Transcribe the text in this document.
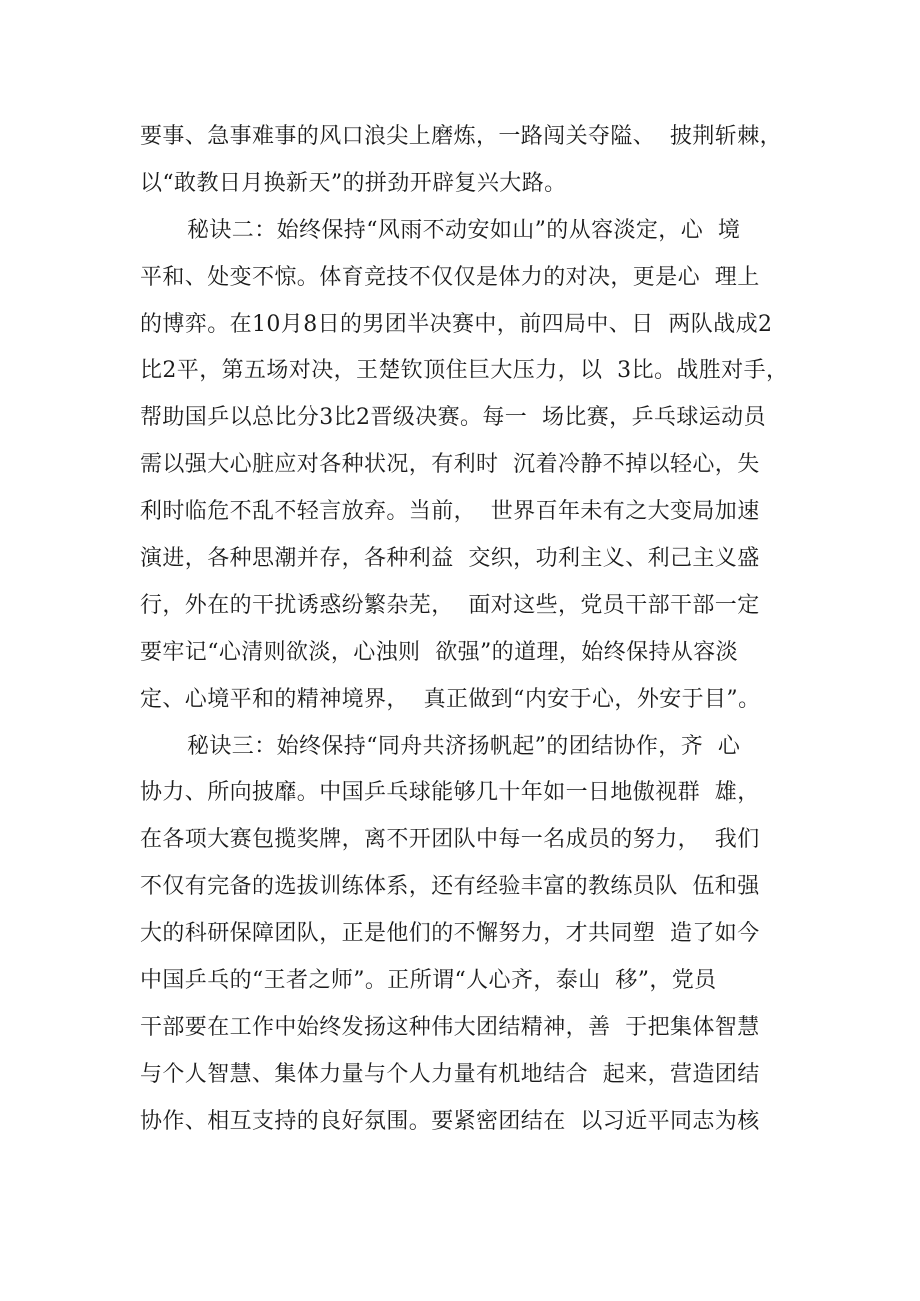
要事、急事难事的风口浪尖上磨炼，一路闯关夺隘、  披荆斩棘，
以“敢教日月换新天”的拼劲开辟复兴大路。
秘诀二：始终保持“风雨不动安如山”的从容淡定，心  境
平和、处变不惊。体育竞技不仅仅是体力的对决，更是心  理上
的博弈。在10月8日的男团半决赛中，前四局中、日  两队战成2
比2平，第五场对决，王楚钦顶住巨大压力，以  3比。战胜对手，
帮助国乒以总比分3比2晋级决赛。每一  场比赛，乒乓球运动员
需以强大心脏应对各种状况，有利时  沉着冷静不掉以轻心，失
利时临危不乱不轻言放弃。当前，  世界百年未有之大变局加速
演进，各种思潮并存，各种利益  交织，功利主义、利己主义盛
行，外在的干扰诱惑纷繁杂芜，  面对这些，党员干部干部一定
要牢记“心清则欲淡，心浊则  欲强”的道理，始终保持从容淡
定、心境平和的精神境界，  真正做到“内安于心，外安于目”。
秘诀三：始终保持“同舟共济扬帆起”的团结协作，齐  心
协力、所向披靡。中国乒乓球能够几十年如一日地傲视群  雄，
在各项大赛包揽奖牌，离不开团队中每一名成员的努力，  我们
不仅有完备的选拔训练体系，还有经验丰富的教练员队  伍和强
大的科研保障团队，正是他们的不懈努力，才共同塑  造了如今
中国乒乓的“王者之师”。正所谓“人心齐，泰山  移”，党员
干部要在工作中始终发扬这种伟大团结精神，善  于把集体智慧
与个人智慧、集体力量与个人力量有机地结合  起来，营造团结
协作、相互支持的良好氛围。要紧密团结在  以习近平同志为核
